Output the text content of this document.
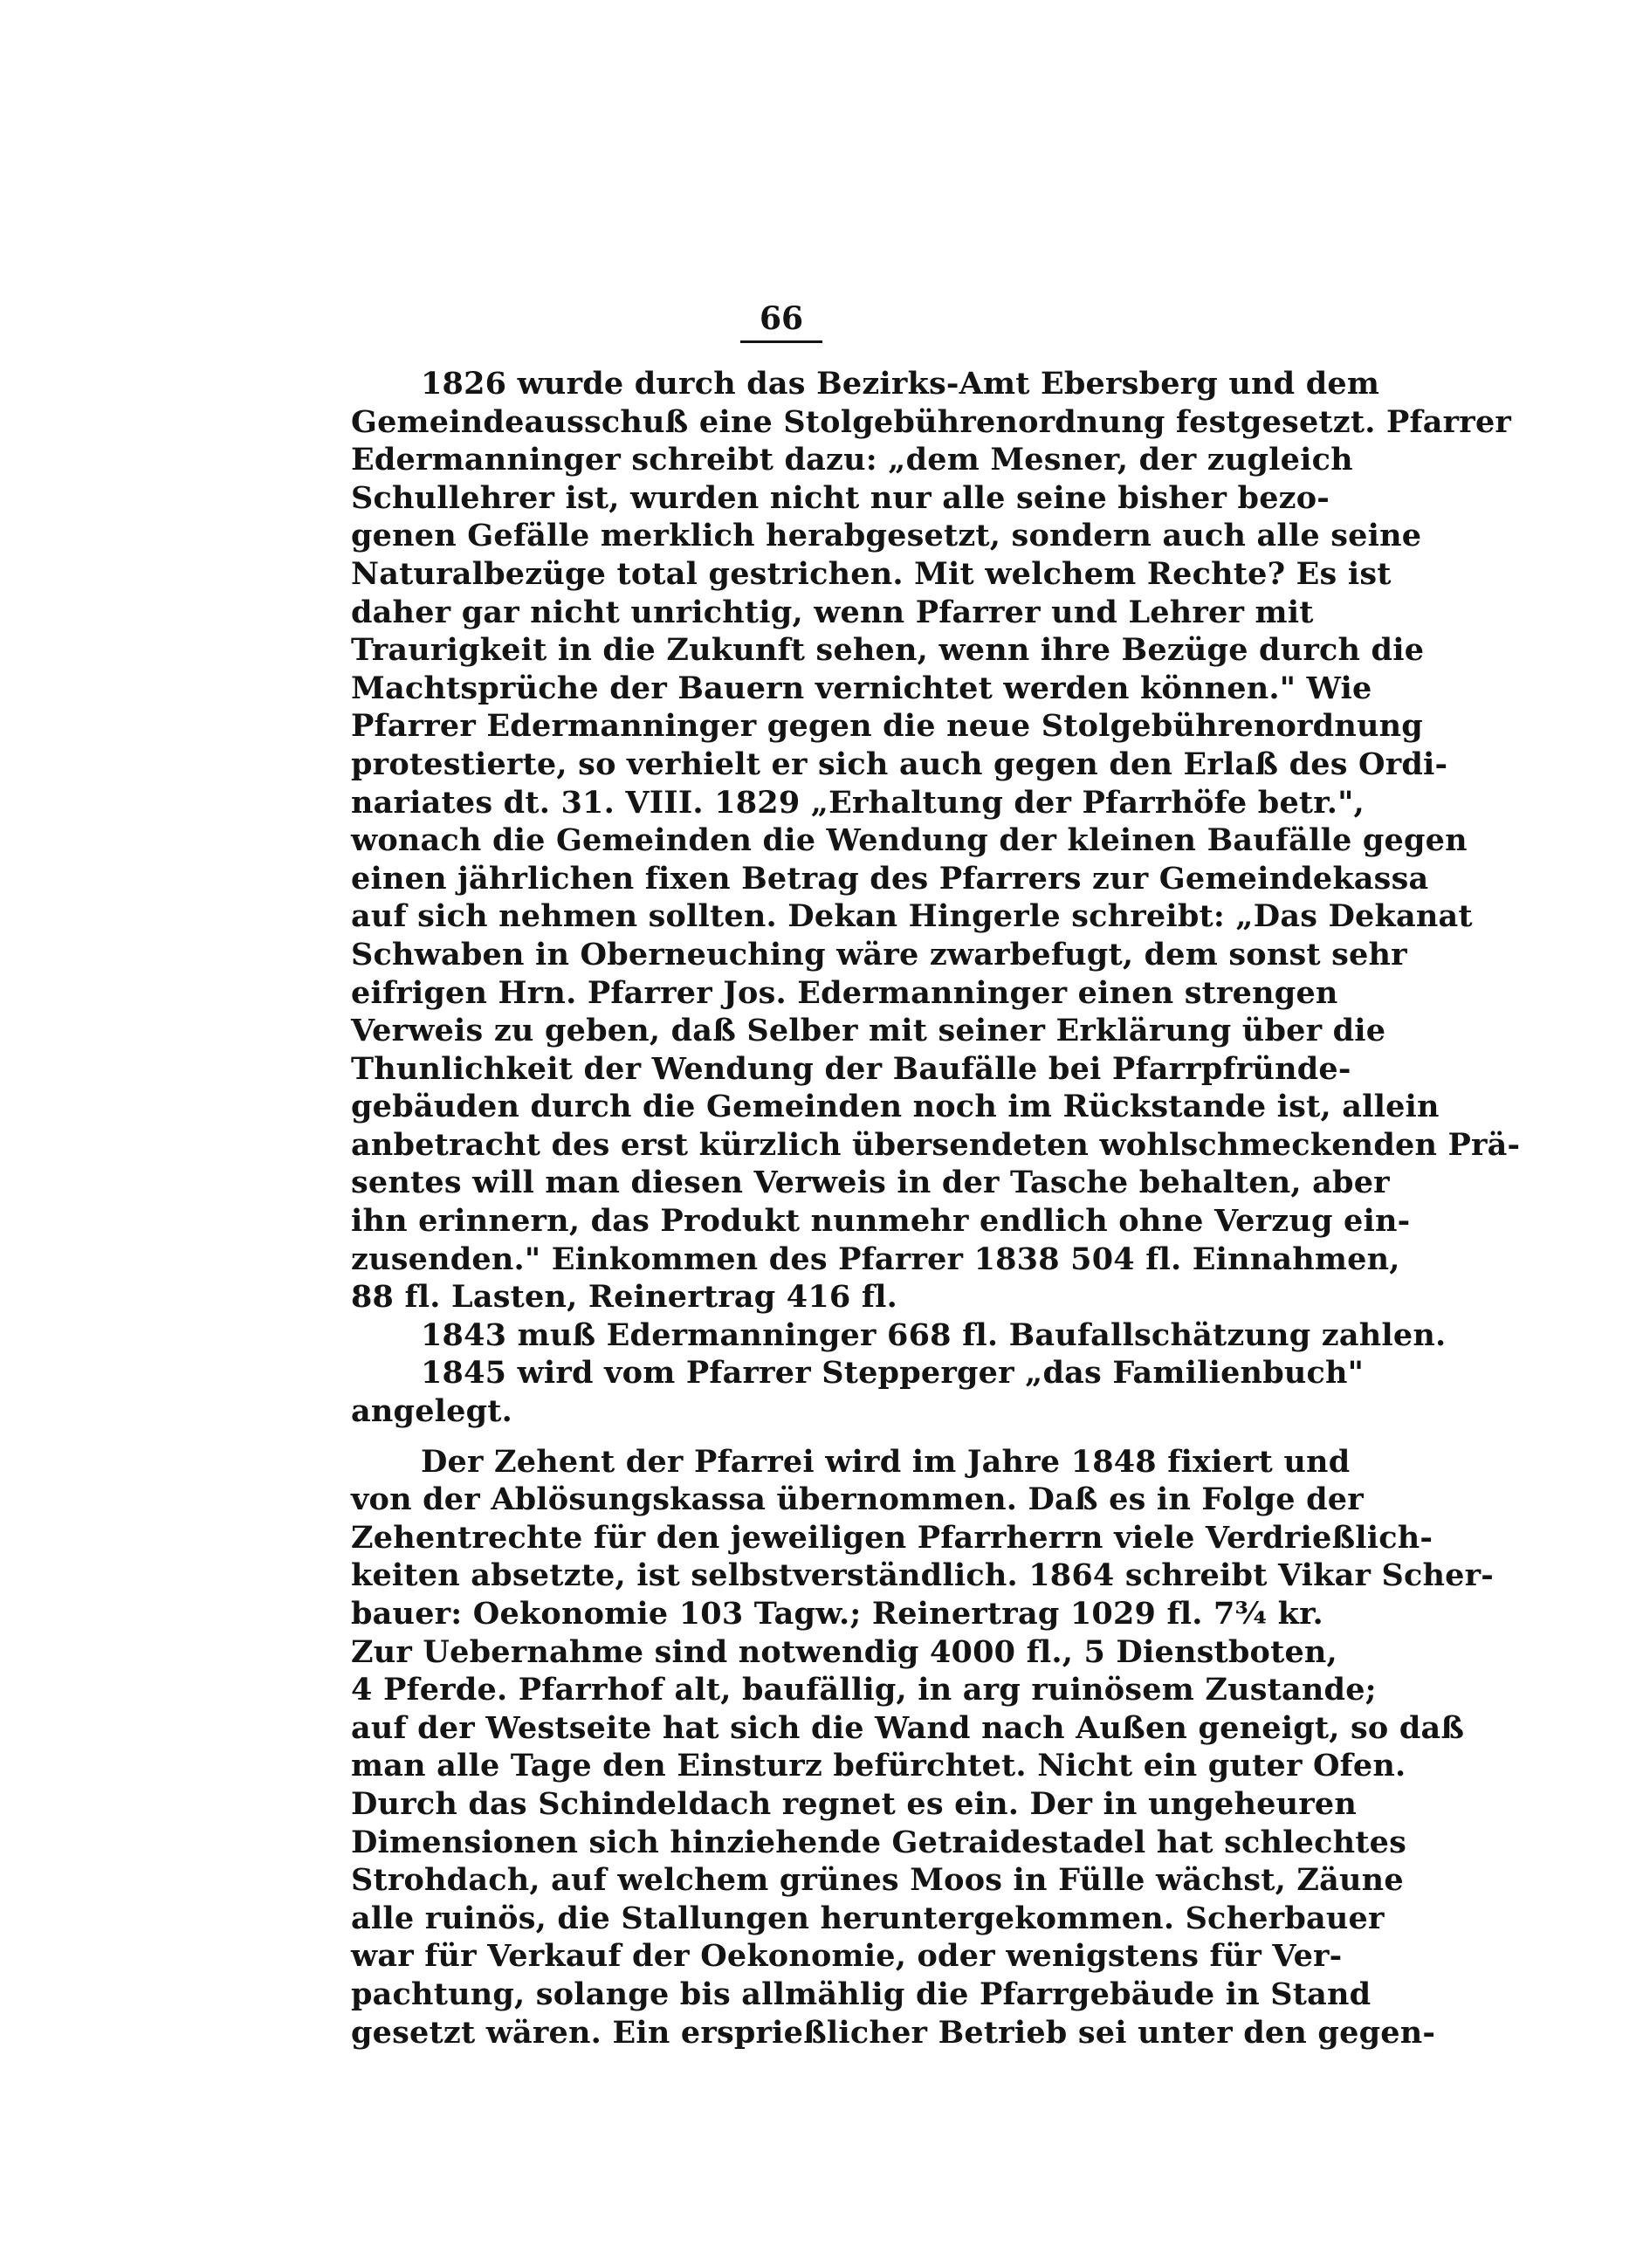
66
1826 wurde durch das Bezirks-Amt Ebersberg und dem
Gemeindeausschuß eine Stolgebührenordnung festgesetzt. Pfarrer
Edermanninger schreibt dazu: „dem Mesner, der zugleich
Schullehrer ist, wurden nicht nur alle seine bisher bezo-
genen Gefälle merklich herabgesetzt, sondern auch alle seine
Naturalbezüge total gestrichen. Mit welchem Rechte? Es ist
daher gar nicht unrichtig, wenn Pfarrer und Lehrer mit
Traurigkeit in die Zukunft sehen, wenn ihre Bezüge durch die
Machtsprüche der Bauern vernichtet werden können." Wie
Pfarrer Edermanninger gegen die neue Stolgebührenordnung
protestierte, so verhielt er sich auch gegen den Erlaß des Ordi-
nariates dt. 31. VIII. 1829 „Erhaltung der Pfarrhöfe betr.",
wonach die Gemeinden die Wendung der kleinen Baufälle gegen
einen jährlichen fixen Betrag des Pfarrers zur Gemeindekassa
auf sich nehmen sollten. Dekan Hingerle schreibt: „Das Dekanat
Schwaben in Oberneuching wäre zwarbefugt, dem sonst sehr
eifrigen Hrn. Pfarrer Jos. Edermanninger einen strengen
Verweis zu geben, daß Selber mit seiner Erklärung über die
Thunlichkeit der Wendung der Baufälle bei Pfarrpfründe-
gebäuden durch die Gemeinden noch im Rückstande ist, allein
anbetracht des erst kürzlich übersendeten wohlschmeckenden Prä-
sentes will man diesen Verweis in der Tasche behalten, aber
ihn erinnern, das Produkt nunmehr endlich ohne Verzug ein-
zusenden." Einkommen des Pfarrer 1838 504 fl. Einnahmen,
88 fl. Lasten, Reinertrag 416 fl.
1843 muß Edermanninger 668 fl. Baufallschätzung zahlen.
1845 wird vom Pfarrer Stepperger „das Familienbuch"
angelegt.
Der Zehent der Pfarrei wird im Jahre 1848 fixiert und
von der Ablösungskassa übernommen. Daß es in Folge der
Zehentrechte für den jeweiligen Pfarrherrn viele Verdrießlich-
keiten absetzte, ist selbstverständlich. 1864 schreibt Vikar Scher-
bauer: Oekonomie 103 Tagw.; Reinertrag 1029 fl. 7¾ kr.
Zur Uebernahme sind notwendig 4000 fl., 5 Dienstboten,
4 Pferde. Pfarrhof alt, baufällig, in arg ruinösem Zustande;
auf der Westseite hat sich die Wand nach Außen geneigt, so daß
man alle Tage den Einsturz befürchtet. Nicht ein guter Ofen.
Durch das Schindeldach regnet es ein. Der in ungeheuren
Dimensionen sich hinziehende Getraidestadel hat schlechtes
Strohdach, auf welchem grünes Moos in Fülle wächst, Zäune
alle ruinös, die Stallungen heruntergekommen. Scherbauer
war für Verkauf der Oekonomie, oder wenigstens für Ver-
pachtung, solange bis allmählig die Pfarrgebäude in Stand
gesetzt wären. Ein ersprießlicher Betrieb sei unter den gegen-
